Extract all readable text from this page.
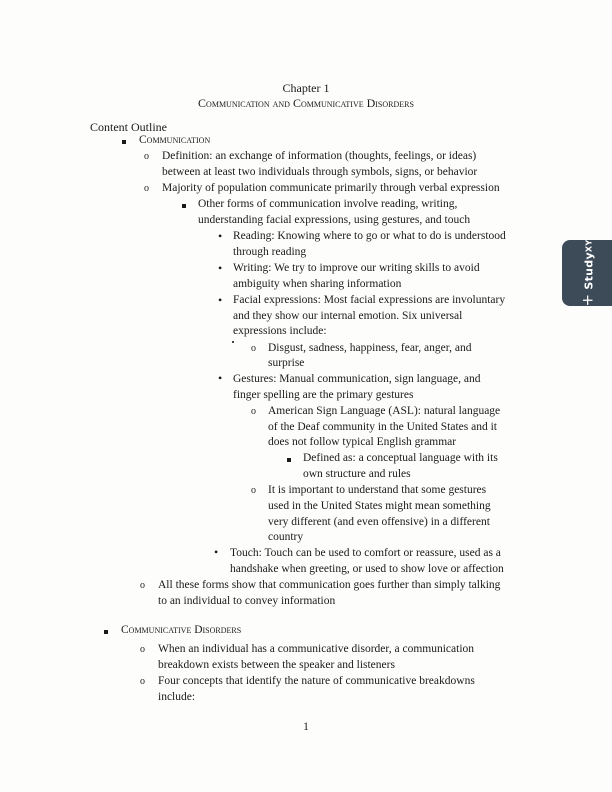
Chapter 1
Communication and Communicative Disorders
Content Outline
Communication
o Definition: an exchange of information (thoughts, feelings, or ideas)
between at least two individuals through symbols, signs, or behavior
o Majority of population communicate primarily through verbal expression
Other forms of communication involve reading, writing,
understanding facial expressions, using gestures, and touch
• Reading: Knowing where to go or what to do is understood
through reading
• Writing: We try to improve our writing skills to avoid
ambiguity when sharing information
• Facial expressions: Most facial expressions are involuntary
and they show our internal emotion. Six universal
expressions include:
o Disgust, sadness, happiness, fear, anger, and
surprise
• Gestures: Manual communication, sign language, and
finger spelling are the primary gestures
o American Sign Language (ASL): natural language
of the Deaf community in the United States and it
does not follow typical English grammar
Defined as: a conceptual language with its
own structure and rules
o It is important to understand that some gestures
used in the United States might mean something
very different (and even offensive) in a different
country
• Touch: Touch can be used to comfort or reassure, used as a
handshake when greeting, or used to show love or affection
o All these forms show that communication goes further than simply talking
to an individual to convey information
Communicative Disorders
o When an individual has a communicative disorder, a communication
breakdown exists between the speaker and listeners
o Four concepts that identify the nature of communicative breakdowns
include:
1
+StudyXY
